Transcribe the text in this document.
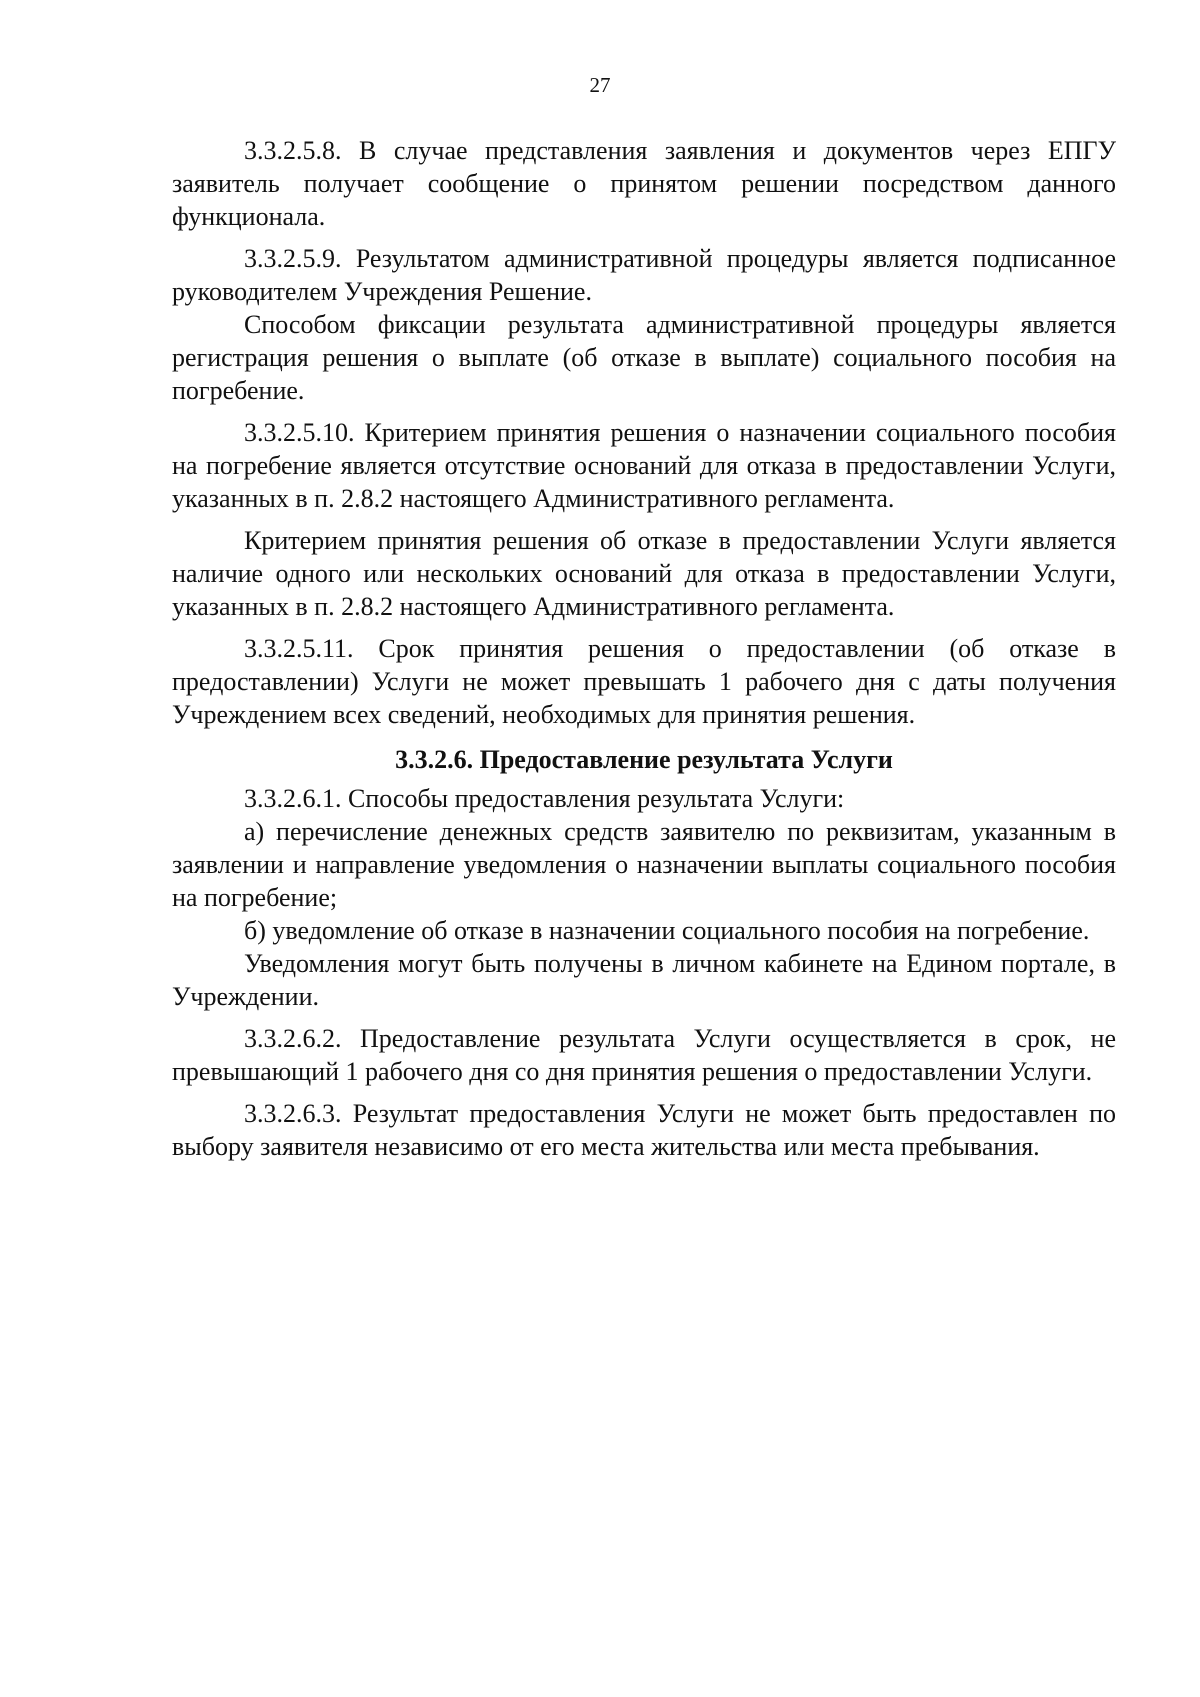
27

3.3.2.5.8. В случае представления заявления и документов через ЕПГУ заявитель получает сообщение о принятом решении посредством данного функционала.

3.3.2.5.9. Результатом административной процедуры является подписанное руководителем Учреждения Решение.

Способом фиксации результата административной процедуры является регистрация решения о выплате (об отказе в выплате) социального пособия на погребение.

3.3.2.5.10. Критерием принятия решения о назначении социального пособия на погребение является отсутствие оснований для отказа в предоставлении Услуги, указанных в п. 2.8.2 настоящего Административного регламента.

Критерием принятия решения об отказе в предоставлении Услуги является наличие одного или нескольких оснований для отказа в предоставлении Услуги, указанных в п. 2.8.2 настоящего Административного регламента.

3.3.2.5.11. Срок принятия решения о предоставлении (об отказе в предоставлении) Услуги не может превышать 1 рабочего дня с даты получения Учреждением всех сведений, необходимых для принятия решения.

3.3.2.6. Предоставление результата Услуги

3.3.2.6.1. Способы предоставления результата Услуги:

а) перечисление денежных средств заявителю по реквизитам, указанным в заявлении и направление уведомления о назначении выплаты социального пособия на погребение;

б) уведомление об отказе в назначении социального пособия на погребение.

Уведомления могут быть получены в личном кабинете на Едином портале, в Учреждении.

3.3.2.6.2. Предоставление результата Услуги осуществляется в срок, не превышающий 1 рабочего дня со дня принятия решения о предоставлении Услуги.

3.3.2.6.3. Результат предоставления Услуги не может быть предоставлен по выбору заявителя независимо от его места жительства или места пребывания.
